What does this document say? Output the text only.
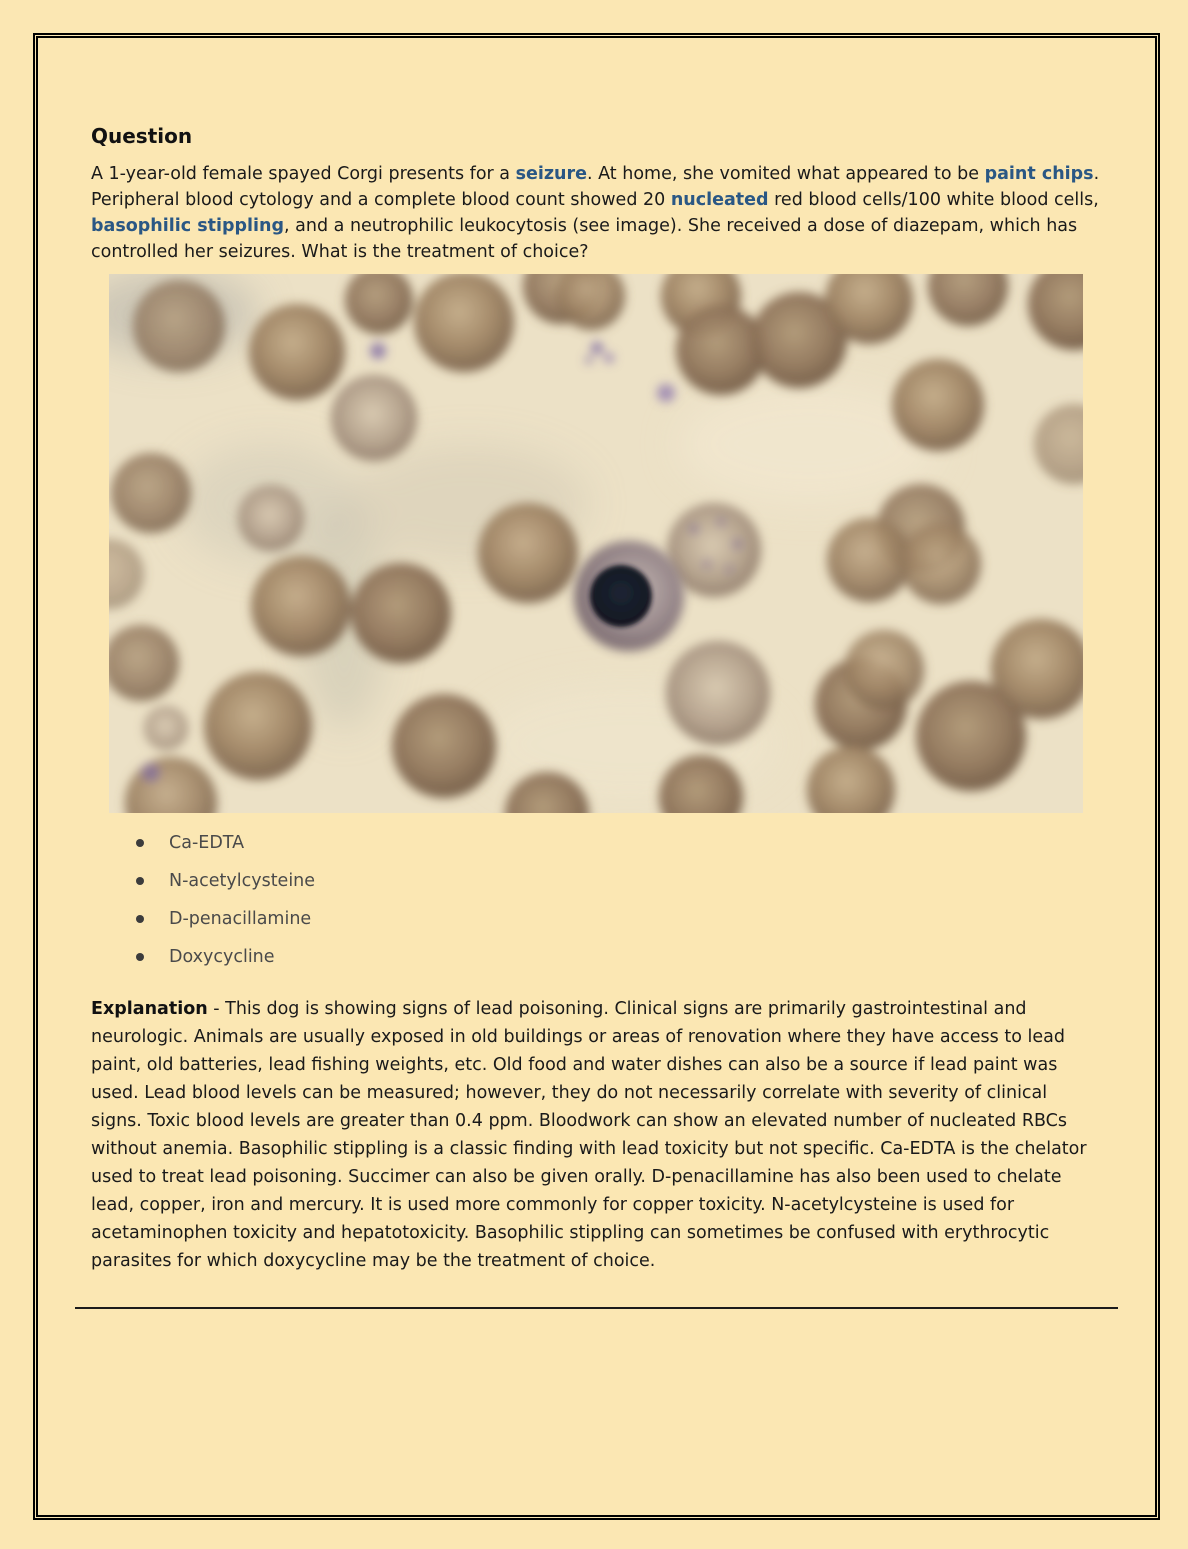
Question

A 1-year-old female spayed Corgi presents for a seizure. At home, she vomited what appeared to be paint chips. Peripheral blood cytology and a complete blood count showed 20 nucleated red blood cells/100 white blood cells, basophilic stippling, and a neutrophilic leukocytosis (see image). She received a dose of diazepam, which has controlled her seizures. What is the treatment of choice?

Ca-EDTA
N-acetylcysteine
D-penacillamine
Doxycycline

Explanation - This dog is showing signs of lead poisoning. Clinical signs are primarily gastrointestinal and neurologic. Animals are usually exposed in old buildings or areas of renovation where they have access to lead paint, old batteries, lead fishing weights, etc. Old food and water dishes can also be a source if lead paint was used. Lead blood levels can be measured; however, they do not necessarily correlate with severity of clinical signs. Toxic blood levels are greater than 0.4 ppm. Bloodwork can show an elevated number of nucleated RBCs without anemia. Basophilic stippling is a classic finding with lead toxicity but not specific. Ca-EDTA is the chelator used to treat lead poisoning. Succimer can also be given orally. D-penacillamine has also been used to chelate lead, copper, iron and mercury. It is used more commonly for copper toxicity. N-acetylcysteine is used for acetaminophen toxicity and hepatotoxicity. Basophilic stippling can sometimes be confused with erythrocytic parasites for which doxycycline may be the treatment of choice.
